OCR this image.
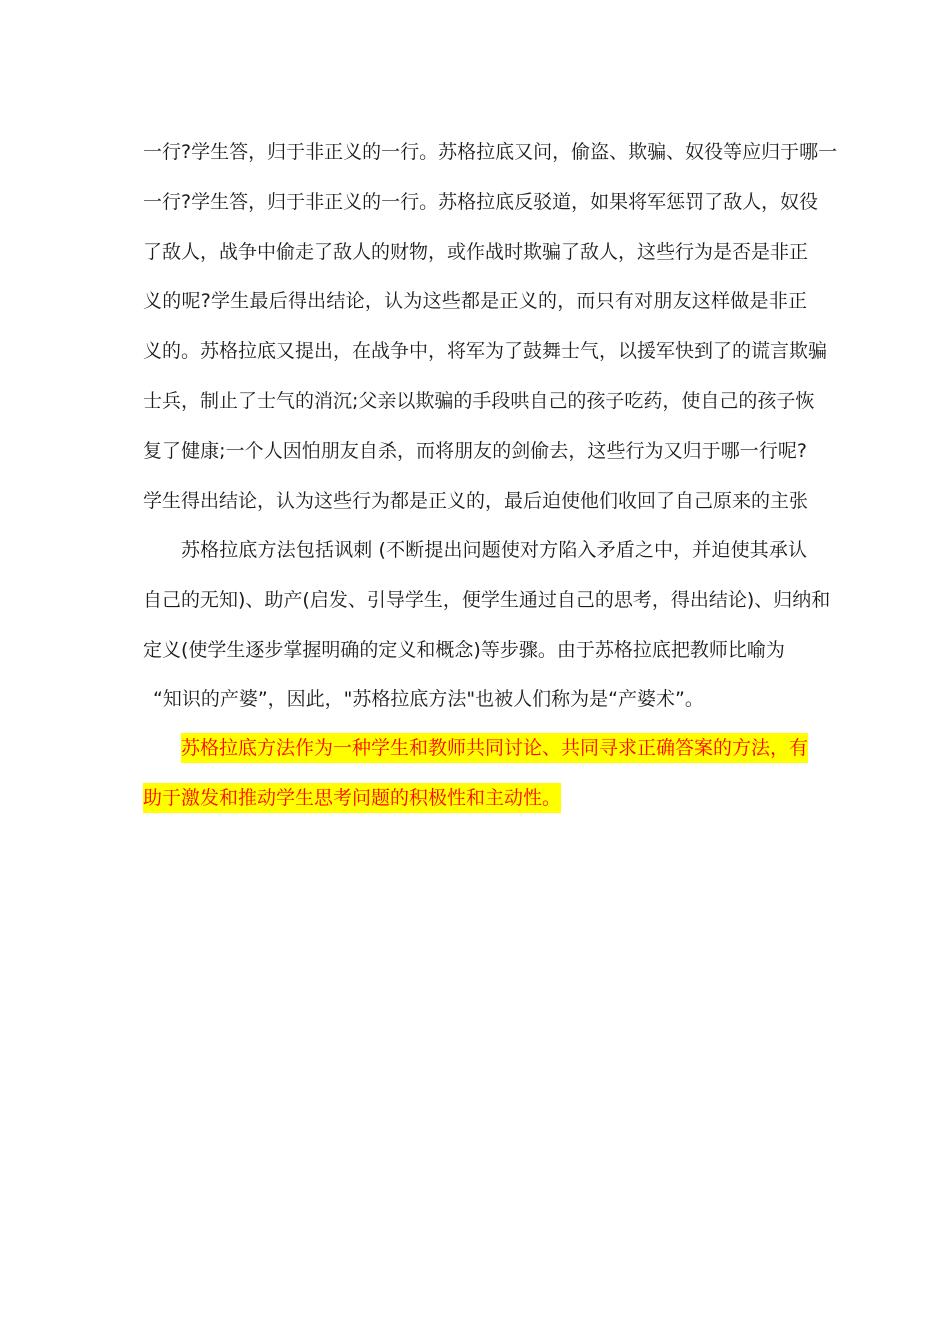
一行?学生答，归于非正义的一行。苏格拉底又问，偷盗、欺骗、奴役等应归于哪一
一行?学生答，归于非正义的一行。苏格拉底反驳道，如果将军惩罚了敌人，奴役
了敌人，战争中偷走了敌人的财物，或作战时欺骗了敌人，这些行为是否是非正
义的呢?学生最后得出结论，认为这些都是正义的，而只有对朋友这样做是非正
义的。苏格拉底又提出，在战争中，将军为了鼓舞士气，以援军快到了的谎言欺骗
士兵，制止了士气的消沉;父亲以欺骗的手段哄自己的孩子吃药，使自己的孩子恢
复了健康;一个人因怕朋友自杀，而将朋友的剑偷去，这些行为又归于哪一行呢?
学生得出结论，认为这些行为都是正义的，最后迫使他们收回了自己原来的主张
苏格拉底方法包括讽刺 (不断提出问题使对方陷入矛盾之中，并迫使其承认
自己的无知)、助产(启发、引导学生，便学生通过自己的思考，得出结论)、归纳和
定义(使学生逐步掌握明确的定义和概念)等步骤。由于苏格拉底把教师比喻为
“知识的产婆”，因此，"苏格拉底方法"也被人们称为是“产婆术”。
苏格拉底方法作为一种学生和教师共同讨论、共同寻求正确答案的方法，有
助于激发和推动学生思考问题的积极性和主动性。
